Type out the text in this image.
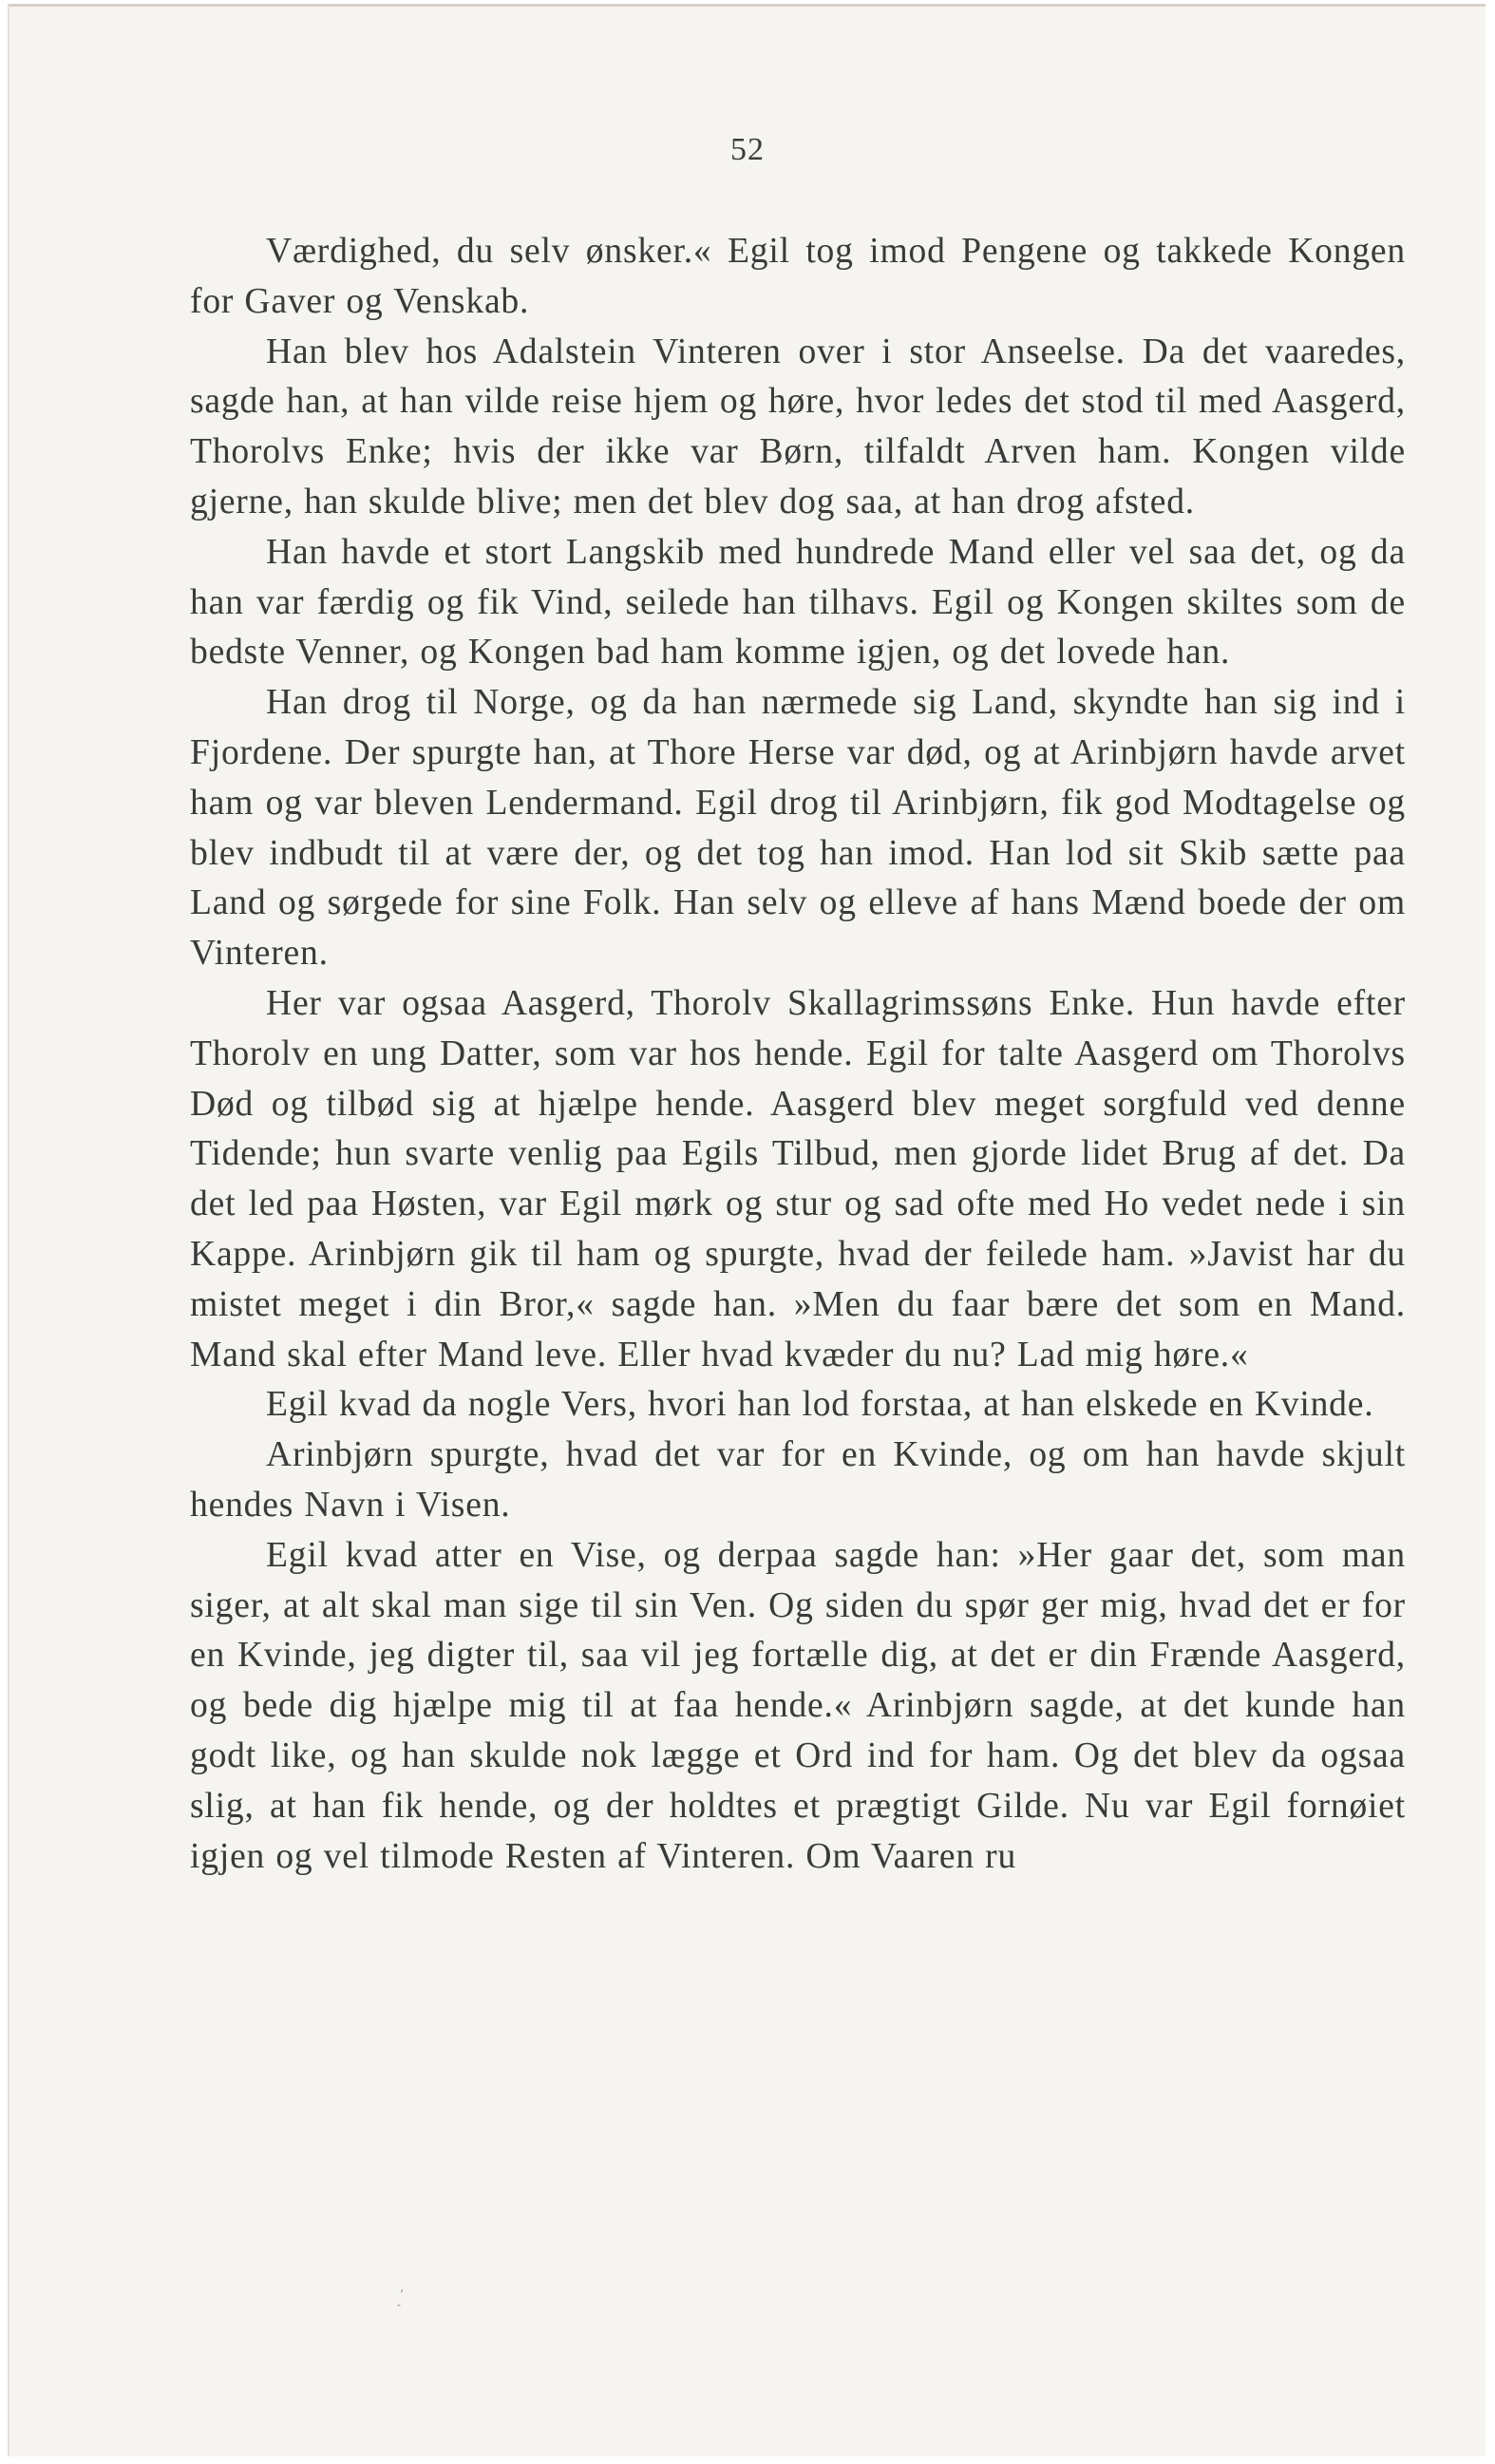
52

Værdighed, du selv ønsker.« Egil tog imod Pengene og takkede Kongen for Gaver og Venskab.

Han blev hos Adalstein Vinteren over i stor Anseelse. Da det vaaredes, sagde han, at han vilde reise hjem og høre, hvor ledes det stod til med Aasgerd, Thorolvs Enke; hvis der ikke var Børn, tilfaldt Arven ham. Kongen vilde gjerne, han skulde blive; men det blev dog saa, at han drog afsted.

Han havde et stort Langskib med hundrede Mand eller vel saa det, og da han var færdig og fik Vind, seilede han tilhavs. Egil og Kongen skiltes som de bedste Venner, og Kongen bad ham komme igjen, og det lovede han.

Han drog til Norge, og da han nærmede sig Land, skyndte han sig ind i Fjordene. Der spurgte han, at Thore Herse var død, og at Arinbjørn havde arvet ham og var bleven Lendermand. Egil drog til Arinbjørn, fik god Modtagelse og blev indbudt til at være der, og det tog han imod. Han lod sit Skib sætte paa Land og sørgede for sine Folk. Han selv og elleve af hans Mænd boede der om Vinteren.

Her var ogsaa Aasgerd, Thorolv Skallagrimssøns Enke. Hun havde efter Thorolv en ung Datter, som var hos hende. Egil for talte Aasgerd om Thorolvs Død og tilbød sig at hjælpe hende. Aasgerd blev meget sorgfuld ved denne Tidende; hun svarte venlig paa Egils Tilbud, men gjorde lidet Brug af det. Da det led paa Høsten, var Egil mørk og stur og sad ofte med Ho vedet nede i sin Kappe. Arinbjørn gik til ham og spurgte, hvad der feilede ham. »Javist har du mistet meget i din Bror,« sagde han. »Men du faar bære det som en Mand. Mand skal efter Mand leve. Eller hvad kvæder du nu? Lad mig høre.«

Egil kvad da nogle Vers, hvori han lod forstaa, at han elskede en Kvinde.

Arinbjørn spurgte, hvad det var for en Kvinde, og om han havde skjult hendes Navn i Visen.

Egil kvad atter en Vise, og derpaa sagde han: »Her gaar det, som man siger, at alt skal man sige til sin Ven. Og siden du spør ger mig, hvad det er for en Kvinde, jeg digter til, saa vil jeg fortælle dig, at det er din Frænde Aasgerd, og bede dig hjælpe mig til at faa hende.« Arinbjørn sagde, at det kunde han godt like, og han skulde nok lægge et Ord ind for ham. Og det blev da ogsaa slig, at han fik hende, og der holdtes et prægtigt Gilde. Nu var Egil fornøiet igjen og vel tilmode Resten af Vinteren. Om Vaaren ru

ˏˊ
